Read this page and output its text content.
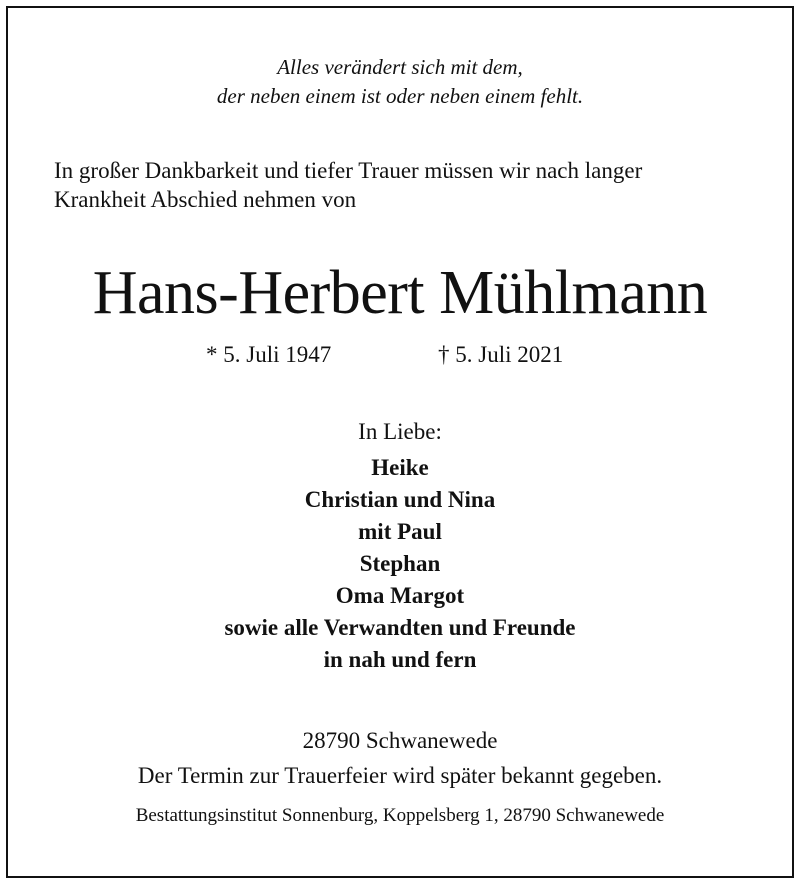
Alles verändert sich mit dem,
der neben einem ist oder neben einem fehlt.
In großer Dankbarkeit und tiefer Trauer müssen wir nach langer
Krankheit Abschied nehmen von
Hans-Herbert Mühlmann
* 5. Juli 1947	† 5. Juli 2021
In Liebe:
Heike
Christian und Nina
mit Paul
Stephan
Oma Margot
sowie alle Verwandten und Freunde
in nah und fern
28790 Schwanewede
Der Termin zur Trauerfeier wird später bekannt gegeben.
Bestattungsinstitut Sonnenburg, Koppelsberg 1, 28790 Schwanewede
